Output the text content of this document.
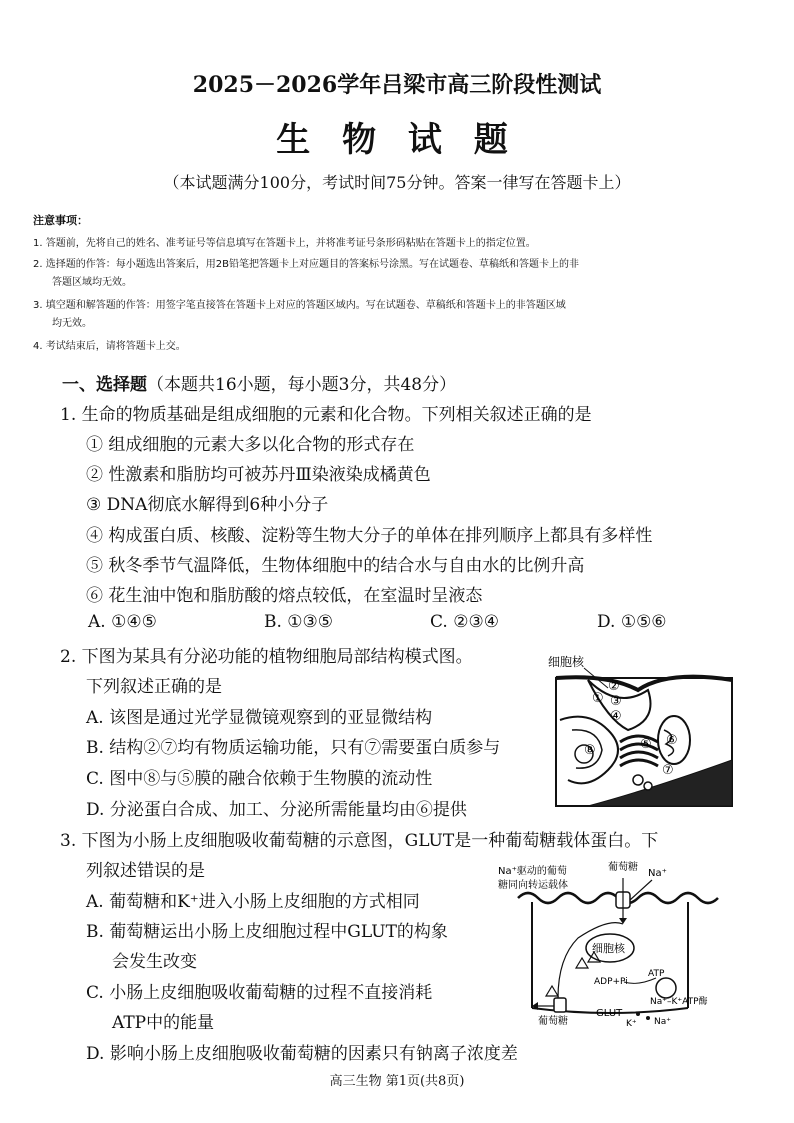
2025－2026学年吕梁市高三阶段性测试
生 物 试 题
（本试题满分100分，考试时间75分钟。答案一律写在答题卡上）
注意事项：
1. 答题前，先将自己的姓名、准考证号等信息填写在答题卡上，并将准考证号条形码粘贴在答题卡上的指定位置。
2. 选择题的作答：每小题选出答案后，用2B铅笔把答题卡上对应题目的答案标号涂黑。写在试题卷、草稿纸和答题卡上的非
答题区域均无效。
3. 填空题和解答题的作答：用签字笔直接答在答题卡上对应的答题区域内。写在试题卷、草稿纸和答题卡上的非答题区域
均无效。
4. 考试结束后，请将答题卡上交。
一、选择题（本题共16小题，每小题3分，共48分）
1. 生命的物质基础是组成细胞的元素和化合物。下列相关叙述正确的是
① 组成细胞的元素大多以化合物的形式存在
② 性激素和脂肪均可被苏丹Ⅲ染液染成橘黄色
③ DNA彻底水解得到6种小分子
④ 构成蛋白质、核酸、淀粉等生物大分子的单体在排列顺序上都具有多样性
⑤ 秋冬季节气温降低，生物体细胞中的结合水与自由水的比例升高
⑥ 花生油中饱和脂肪酸的熔点较低，在室温时呈液态
A. ①④⑤	B. ①③⑤	C. ②③④	D. ①⑤⑥
2. 下图为某具有分泌功能的植物细胞局部结构模式图。
下列叙述正确的是
A. 该图是通过光学显微镜观察到的亚显微结构
B. 结构②⑦均有物质运输功能，只有⑦需要蛋白质参与
C. 图中⑧与⑤膜的融合依赖于生物膜的流动性
D. 分泌蛋白合成、加工、分泌所需能量均由⑥提供
细胞核
②
① ③
④
⑤ ⑥
⑦
⑧
3. 下图为小肠上皮细胞吸收葡萄糖的示意图，GLUT是一种葡萄糖载体蛋白。下
列叙述错误的是
A. 葡萄糖和K⁺进入小肠上皮细胞的方式相同
B. 葡萄糖运出小肠上皮细胞过程中GLUT的构象
会发生改变
C. 小肠上皮细胞吸收葡萄糖的过程不直接消耗
ATP中的能量
D. 影响小肠上皮细胞吸收葡萄糖的因素只有钠离子浓度差
Na⁺驱动的葡萄
糖同向转运载体
葡萄糖
Na⁺
细胞核
ADP+Pi
ATP
Na⁺–K⁺ATP酶
GLUT
葡萄糖	K⁺ Na⁺
高三生物 第1页(共8页)
